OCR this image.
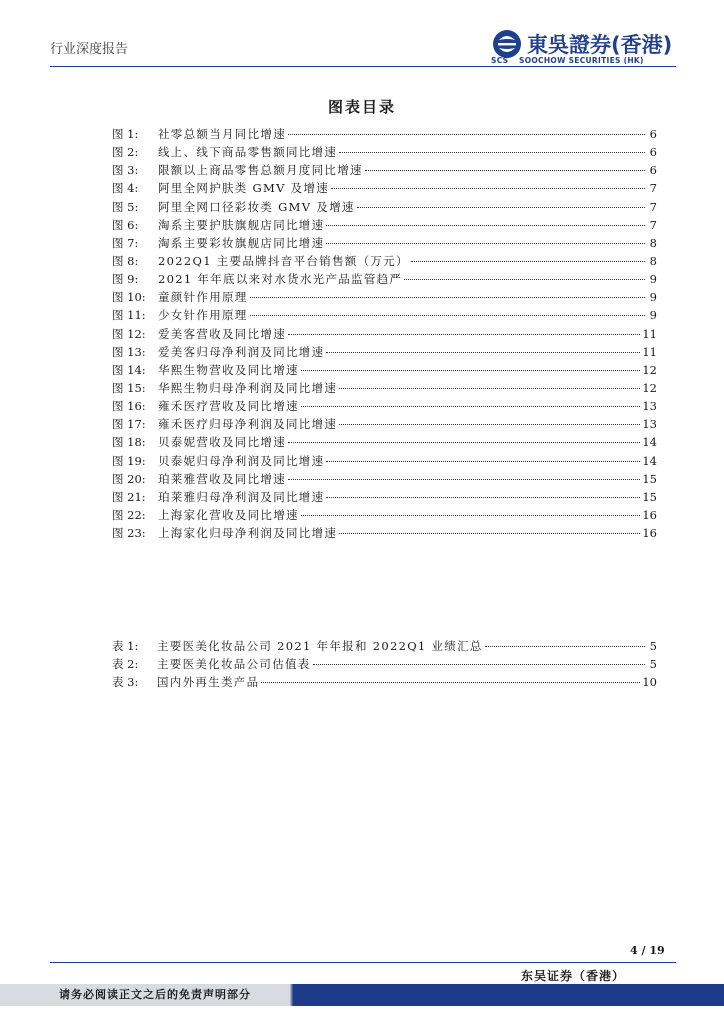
行业深度报告	東吳證券(香港)
SCS SOOCHOW SECURITIES (HK)
图表目录
图 1:	社零总额当月同比增速	6
图 2:	线上、线下商品零售额同比增速	6
图 3:	限额以上商品零售总额月度同比增速	6
图 4:	阿里全网护肤类 GMV 及增速	7
图 5:	阿里全网口径彩妆类 GMV 及增速	7
图 6:	淘系主要护肤旗舰店同比增速	7
图 7:	淘系主要彩妆旗舰店同比增速	8
图 8:	2022Q1 主要品牌抖音平台销售额（万元）	8
图 9:	2021 年年底以来对水货水光产品监管趋严	9
图 10:	童颜针作用原理	9
图 11:	少女针作用原理	9
图 12:	爱美客营收及同比增速	11
图 13:	爱美客归母净利润及同比增速	11
图 14:	华熙生物营收及同比增速	12
图 15:	华熙生物归母净利润及同比增速	12
图 16:	雍禾医疗营收及同比增速	13
图 17:	雍禾医疗归母净利润及同比增速	13
图 18:	贝泰妮营收及同比增速	14
图 19:	贝泰妮归母净利润及同比增速	14
图 20:	珀莱雅营收及同比增速	15
图 21:	珀莱雅归母净利润及同比增速	15
图 22:	上海家化营收及同比增速	16
图 23:	上海家化归母净利润及同比增速	16
表 1:	主要医美化妆品公司 2021 年年报和 2022Q1 业绩汇总	5
表 2:	主要医美化妆品公司估值表	5
表 3:	国内外再生类产品	10
4 / 19
东吴证券（香港）
请务必阅读正文之后的免责声明部分
